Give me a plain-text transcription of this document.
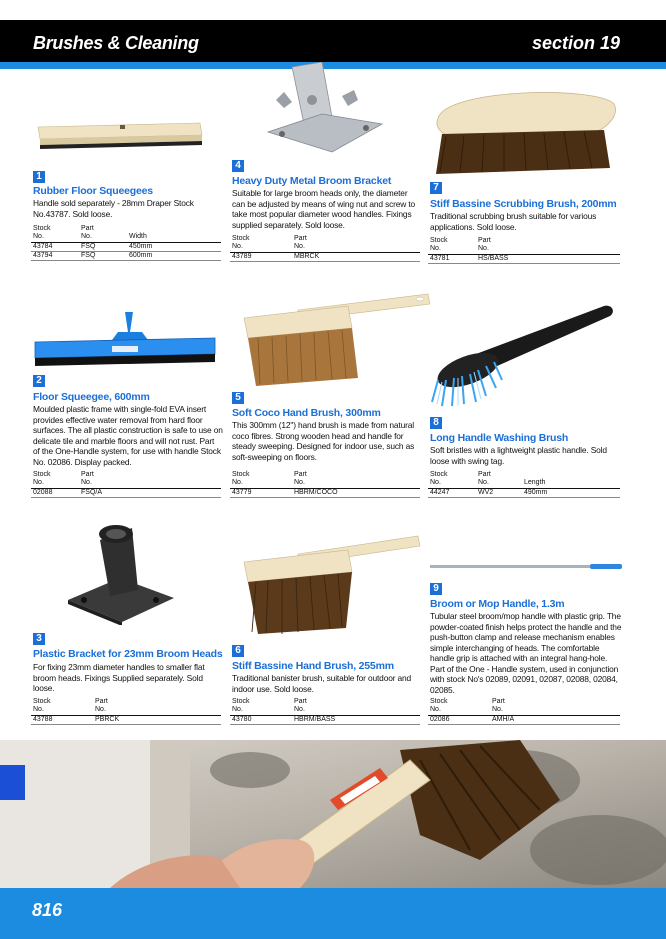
Brushes & Cleaning	section 19
1
Rubber Floor Squeegees
Handle sold separately - 28mm Draper Stock No.43787. Sold loose.
Stock
No.	Part
No.	Width
43784	FSQ	450mm
43794	FSQ	600mm
2
Floor Squeegee, 600mm
Moulded plastic frame with single-fold EVA insert provides effective water removal from hard floor surfaces. The all plastic construction is safe to use on delicate tile and marble floors and will not rust. Part of the One-Handle system, for use with handle Stock No. 02086. Display packed.
Stock
No.	Part
No.
02088	FSQ/A
3
Plastic Bracket for 23mm Broom Heads
For fixing 23mm diameter handles to smaller flat broom heads. Fixings Supplied separately. Sold loose.
Stock
No.	Part
No.
43788	PBRCK
4
Heavy Duty Metal Broom Bracket
Suitable for large broom heads only, the diameter can be adjusted by means of wing nut and screw to take most popular diameter wood handles. Fixings supplied separately. Sold loose.
Stock
No.	Part
No.
43789	MBRCK
5
Soft Coco Hand Brush, 300mm
This 300mm (12") hand brush is made from natural coco fibres. Strong wooden head and handle for steady sweeping. Designed for indoor use, such as soft-sweeping on floors.
Stock
No.	Part
No.
43779	HBRM/COCO
6
Stiff Bassine Hand Brush, 255mm
Traditional banister brush, suitable for outdoor and indoor use. Sold loose.
Stock
No.	Part
No.
43780	HBRM/BASS
7
Stiff Bassine Scrubbing Brush, 200mm
Traditional scrubbing brush suitable for various applications. Sold loose.
Stock
No.	Part
No.
43781	HS/BASS
8
Long Handle Washing Brush
Soft bristles with a lightweight plastic handle. Sold loose with swing tag.
Stock
No.	Part
No.	Length
44247	WV2	490mm
9
Broom or Mop Handle, 1.3m
Tubular steel broom/mop handle with plastic grip. The powder-coated finish helps protect the handle and the push-button clamp and release mechanism enables simple interchanging of heads. The comfortable handle grip is attached with an integral hang-hole. Part of the One - Handle system, used in conjunction with stock No's 02089, 02091, 02087, 02088, 02084, 02085.
Stock
No.	Part
No.
02086	AMH/A
816
